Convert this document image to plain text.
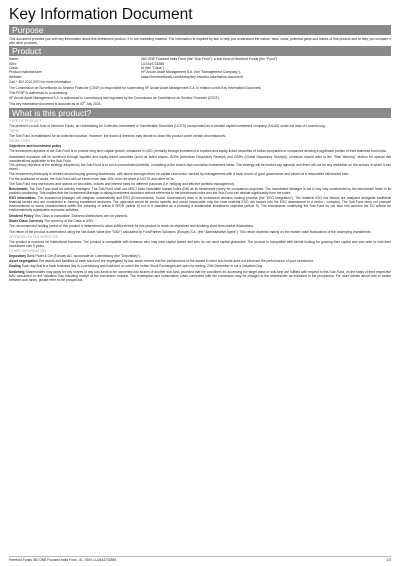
Key Information Document
Purpose

This document provides you with key information about this investment product. It is not marketing material. The information is required by law to help you understand the nature, risks, costs, potential gains and losses of this product and to help you compare it with other products.

Product
Name:	360 ONE Focused India Fund (the "Sub-Fund"), a sub-fund of Hereford Funds (the "Fund")
ISIN:	LU2444731585
Class:	AI (the "Class")
Product manufacturer:	HF Arcole Asset Management S.A. (the "Management Company").
Website:	https://herefordfunds.com/library/key-investor-information-document

Call + 352 2010 2070 for more information.

The Commission de Surveillance du Secteur Financier (CSSF) is responsible for supervising HF Arcole Asset Management S.A. in relation to this Key Information Document.

This PRIIP is authorised in Luxembourg.

HF Arcole Asset Management S.A. is authorised in Luxembourg and regulated by the Commission de Surveillance du Secteur Financier (CSSF).

This key information document is accurate as at 30th July 2025.

What is this product?
TYPE OF PRODUCT

The product is a sub-fund of Hereford Funds, an Undertaking for Collective Investment in Transferable Securities (UCITS) incorporated as a variable capital investment company (SICAV) under the laws of Luxembourg.

TERM

The Sub-Fund is established for an unlimited duration. However, the board of directors may decide to close this product under certain circumstances.

OBJECTIVES

Objectives and investment policy

The investment objective of the Sub-Fund is to provide long term capital growth, measured in USD, primarily through investment in equities and equity-linked securities of Indian companies or companies deriving a significant portion of their business from India.

Investment exposure will be achieved through equities and equity-linked securities (such as listed shares, ADRs (American Depository Receipt) and GDRs (Global Depository Receipt)). Investors should refer to the "Risk Warning" section for special risk considerations applicable to the Sub-Fund.

The primary objective of the strategy adopted by the Sub-Fund is to run a concentrated portfolio, consisting of the team's high conviction investment ideas. The strategy will be market cap agnostic and there will not be any restriction on the sectors in which it can invest.

The investment philosophy is centred around buying growing businesses, with above average return on capital economics, backed by managements with a track record of good governance and valued at a reasonable risk/reward ratio.

For the avoidance of doubt, the Sub-Fund will not invest more than 10% of its net asset in UCITS and other UCIs.

The Sub-Fund may use futures and options on securities, indices and interest rates for different purposes (i.e. hedging and efficient portfolio management).

Benchmark: The Sub-Fund shall be actively managed. The Sub-Fund shall use MSCI India Investable Market Index (IMI) as its benchmark purely for comparison purposes. The Investment Manager is not in any way constrained by the benchmark index in its portfolio positioning. This implies that the Investment Manager is taking investment decisions without reference to the benchmark index and the Sub-Fund can deviate significantly from the index.

ESG information: The Investment Manager will integrate sustainability and ESG (Environmental, Social, Governance) risks in its investment decision making process (the "ESG Integration"). The material ESG risk factors are analysed alongside traditional financial factors and are considered in forming investment decisions. The approach would be sector specific and would incorporate only the most material ESG risk factors into the ESG assessment of a sector / company. The Sub-Fund does not promote environmental or social characteristics within the meaning of article 8 SFDR (article 8) nor is it classified as a pursuing a sustainable investment objective (article 9). The investments underlying the Sub-Fund do not take into account the EU criteria for environmentally sustainable economic activities.

Dividend Policy This Class is cumulative. Dividend distributions are not planned.

Share Class Currency The currency of the Class is USD.

The recommended holding period of this product is determined to allow sufficient time for this product to reach its objectives and avoiding short term market fluctuations.

The return of the product is determined using the Net Asset Value (the "NAV") calculated by FundPartner Solutions (Europe) S.A. (the "Administrative Agent"). This return depends mainly on the market value fluctuations of the underlying investments.

INTENDED RETAIL INVESTOR

The product is reserved for institutional investors. The product is compatible with investors who may bear capital losses and who do not need capital guarantee. The product is compatible with clients looking for growing their capital and who wish to hold their investment over 5 years.

OTHER INFORMATION

Depositary Bank Pictet & Cie (Europe) AG, succursale de Luxembourg (the "Depositary").

Asset segregation The assets and liabilities of each sub-fund are segregated by law, which means that the performance of the assets in other sub-funds does not influence the performance of your investment.

Dealing Each day that is a bank business day in Luxembourg and India and on which the Indian Stock Exchanges are open for trading. 24th December is not a Valuation Day.

Switching Shareholders may apply for any shares of any sub-funds to be converted into shares of another sub-fund, provided that the conditions for accessing the target class or sub-fund are fulfilled with respect to this Sub-Fund, on the basis of their respective NAV calculated on the Valuation Day following receipt of the conversion request. The redemption and subscription costs connected with the conversion may be charged to the shareholder as indicated in the prospectus. For more details about how to switch between sub-funds, please refer to the prospectus.

Hereford Funds 360 ONE Focused India Fund - AI - ISIN: LU2444731585	1/3
